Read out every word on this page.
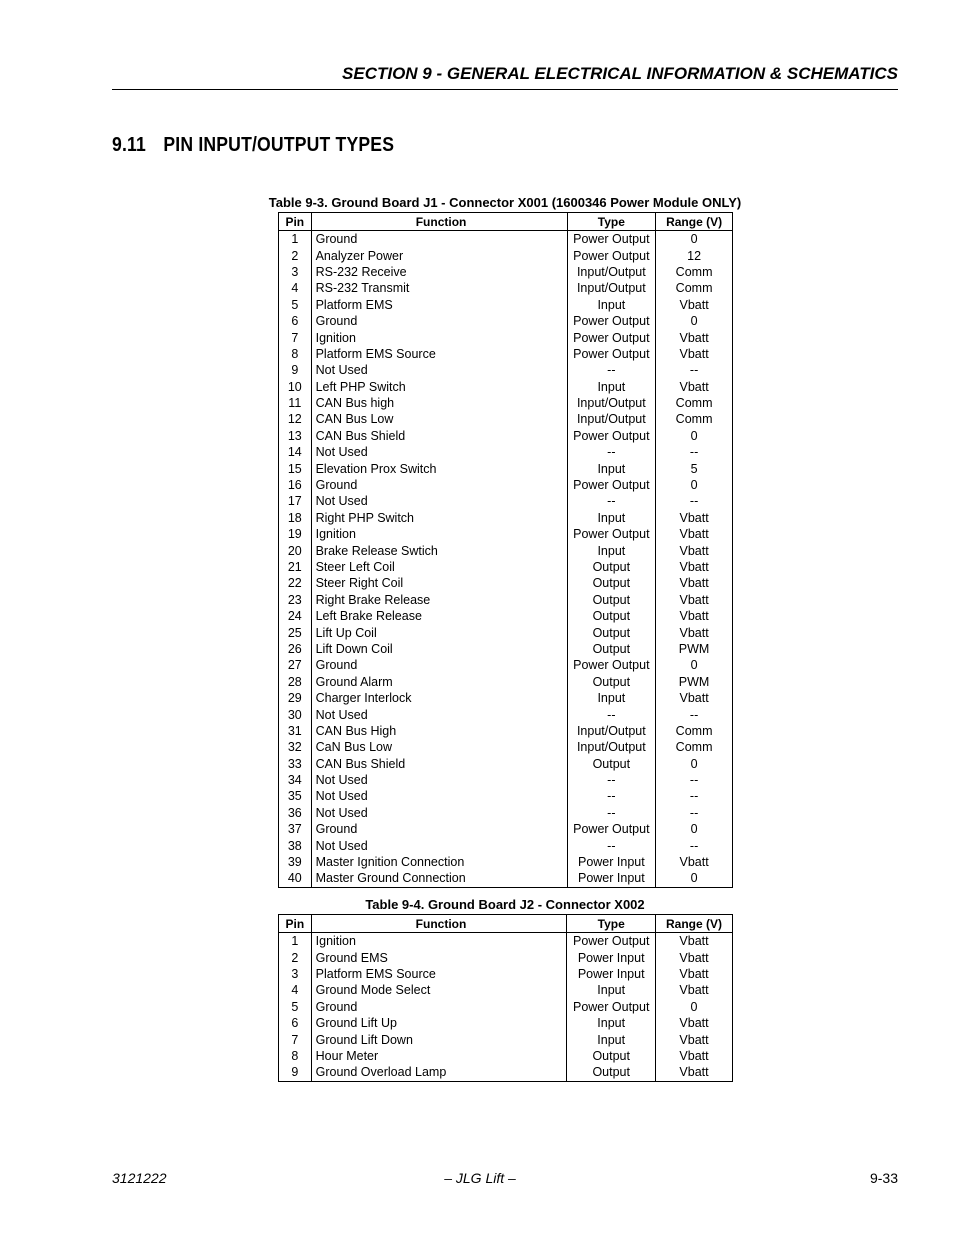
SECTION 9 - GENERAL ELECTRICAL INFORMATION & SCHEMATICS
9.11 PIN INPUT/OUTPUT TYPES
Table 9-3. Ground Board J1 - Connector X001 (1600346 Power Module ONLY)
Pin	Function	Type	Range (V)
1	Ground	Power Output	0
2	Analyzer Power	Power Output	12
3	RS-232 Receive	Input/Output	Comm
4	RS-232 Transmit	Input/Output	Comm
5	Platform EMS	Input	Vbatt
6	Ground	Power Output	0
7	Ignition	Power Output	Vbatt
8	Platform EMS Source	Power Output	Vbatt
9	Not Used	--	--
10	Left PHP Switch	Input	Vbatt
11	CAN Bus high	Input/Output	Comm
12	CAN Bus Low	Input/Output	Comm
13	CAN Bus Shield	Power Output	0
14	Not Used	--	--
15	Elevation Prox Switch	Input	5
16	Ground	Power Output	0
17	Not Used	--	--
18	Right PHP Switch	Input	Vbatt
19	Ignition	Power Output	Vbatt
20	Brake Release Swtich	Input	Vbatt
21	Steer Left Coil	Output	Vbatt
22	Steer Right Coil	Output	Vbatt
23	Right Brake Release	Output	Vbatt
24	Left Brake Release	Output	Vbatt
25	Lift Up Coil	Output	Vbatt
26	Lift Down Coil	Output	PWM
27	Ground	Power Output	0
28	Ground Alarm	Output	PWM
29	Charger Interlock	Input	Vbatt
30	Not Used	--	--
31	CAN Bus High	Input/Output	Comm
32	CaN Bus Low	Input/Output	Comm
33	CAN Bus Shield	Output	0
34	Not Used	--	--
35	Not Used	--	--
36	Not Used	--	--
37	Ground	Power Output	0
38	Not Used	--	--
39	Master Ignition Connection	Power Input	Vbatt
40	Master Ground Connection	Power Input	0
Table 9-4. Ground Board J2 - Connector X002
Pin	Function	Type	Range (V)
1	Ignition	Power Output	Vbatt
2	Ground EMS	Power Input	Vbatt
3	Platform EMS Source	Power Input	Vbatt
4	Ground Mode Select	Input	Vbatt
5	Ground	Power Output	0
6	Ground Lift Up	Input	Vbatt
7	Ground Lift Down	Input	Vbatt
8	Hour Meter	Output	Vbatt
9	Ground Overload Lamp	Output	Vbatt
3121222	– JLG Lift –	9-33
